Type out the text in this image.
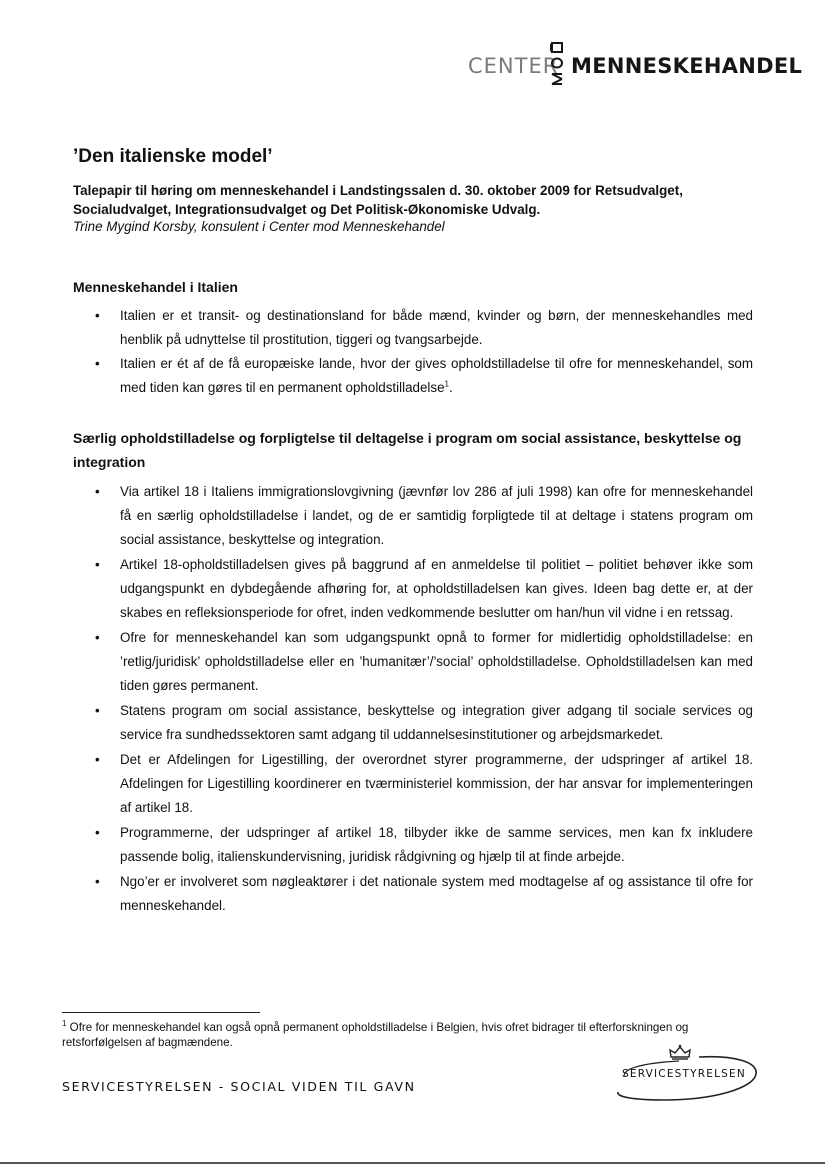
CENTER MENNESKEHANDEL
’Den italienske model’
Talepapir til høring om menneskehandel i Landstingssalen d. 30. oktober 2009 for Retsudvalget, Socialudvalget, Integrationsudvalget og Det Politisk-Økonomiske Udvalg.
Trine Mygind Korsby, konsulent i Center mod Menneskehandel
Menneskehandel i Italien
• Italien er et transit- og destinationsland for både mænd, kvinder og børn, der menneskehandles med henblik på udnyttelse til prostitution, tiggeri og tvangsarbejde.
• Italien er ét af de få europæiske lande, hvor der gives opholdstilladelse til ofre for menneskehandel, som med tiden kan gøres til en permanent opholdstilladelse$^1$.
Særlig opholdstilladelse og forpligtelse til deltagelse i program om social assistance, beskyttelse og integration
• Via artikel 18 i Italiens immigrationslovgivning (jævnfør lov 286 af juli 1998) kan ofre for menneskehandel få en særlig opholdstilladelse i landet, og de er samtidig forpligtede til at deltage i statens program om social assistance, beskyttelse og integration.
• Artikel 18-opholdstilladelsen gives på baggrund af en anmeldelse til politiet – politiet behøver ikke som udgangspunkt en dybdegående afhøring for, at opholdstilladelsen kan gives. Ideen bag dette er, at der skabes en refleksionsperiode for ofret, inden vedkommende beslutter om han/hun vil vidne i en retssag.
• Ofre for menneskehandel kan som udgangspunkt opnå to former for midlertidig opholdstilladelse: en ’retlig/juridisk’ opholdstilladelse eller en ’humanitær’/’social’ opholdstilladelse. Opholdstilladelsen kan med tiden gøres permanent.
• Statens program om social assistance, beskyttelse og integration giver adgang til sociale services og service fra sundhedssektoren samt adgang til uddannelsesinstitutioner og arbejdsmarkedet.
• Det er Afdelingen for Ligestilling, der overordnet styrer programmerne, der udspringer af artikel 18. Afdelingen for Ligestilling koordinerer en tværministeriel kommission, der har ansvar for implementeringen af artikel 18.
• Programmerne, der udspringer af artikel 18, tilbyder ikke de samme services, men kan fx inkludere passende bolig, italienskundervisning, juridisk rådgivning og hjælp til at finde arbejde.
• Ngo’er er involveret som nøgleaktører i det nationale system med modtagelse af og assistance til ofre for menneskehandel.
$^1$ Ofre for menneskehandel kan også opnå permanent opholdstilladelse i Belgien, hvis ofret bidrager til efterforskningen og retsforfølgelsen af bagmændene.
SERVICESTYRELSEN - SOCIAL VIDEN TIL GAVN
SERVICESTYRELSEN
